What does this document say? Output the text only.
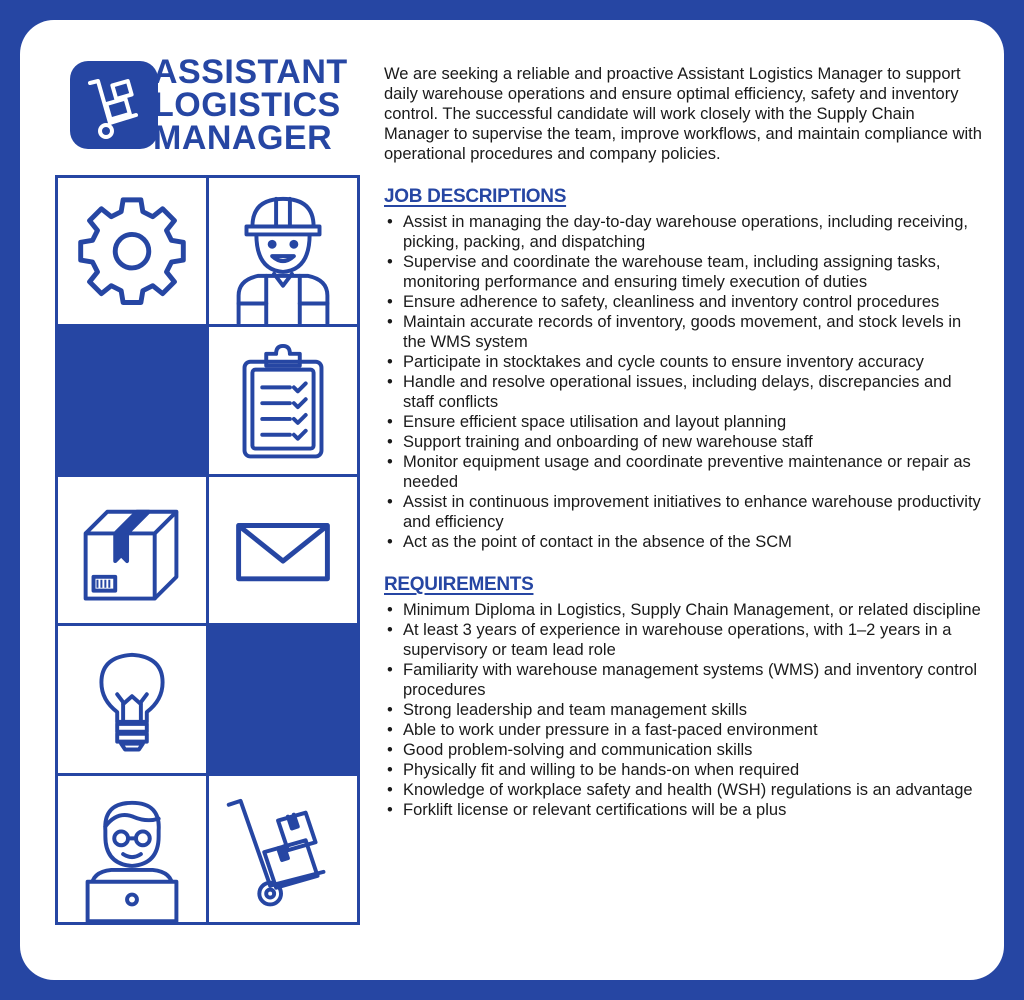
ASSISTANT
LOGISTICS
MANAGER

We are seeking a reliable and proactive Assistant Logistics Manager to support daily warehouse operations and ensure optimal efficiency, safety and inventory control. The successful candidate will work closely with the Supply Chain Manager to supervise the team, improve workflows, and maintain compliance with operational procedures and company policies.

JOB DESCRIPTIONS
• Assist in managing the day-to-day warehouse operations, including receiving, picking, packing, and dispatching
• Supervise and coordinate the warehouse team, including assigning tasks, monitoring performance and ensuring timely execution of duties
• Ensure adherence to safety, cleanliness and inventory control procedures
• Maintain accurate records of inventory, goods movement, and stock levels in the WMS system
• Participate in stocktakes and cycle counts to ensure inventory accuracy
• Handle and resolve operational issues, including delays, discrepancies and staff conflicts
• Ensure efficient space utilisation and layout planning
• Support training and onboarding of new warehouse staff
• Monitor equipment usage and coordinate preventive maintenance or repair as needed
• Assist in continuous improvement initiatives to enhance warehouse productivity and efficiency
• Act as the point of contact in the absence of the SCM
REQUIREMENTS
• Minimum Diploma in Logistics, Supply Chain Management, or related discipline
• At least 3 years of experience in warehouse operations, with 1–2 years in a supervisory or team lead role
• Familiarity with warehouse management systems (WMS) and inventory control procedures
• Strong leadership and team management skills
• Able to work under pressure in a fast-paced environment
• Good problem-solving and communication skills
• Physically fit and willing to be hands-on when required
• Knowledge of workplace safety and health (WSH) regulations is an advantage
• Forklift license or relevant certifications will be a plus
